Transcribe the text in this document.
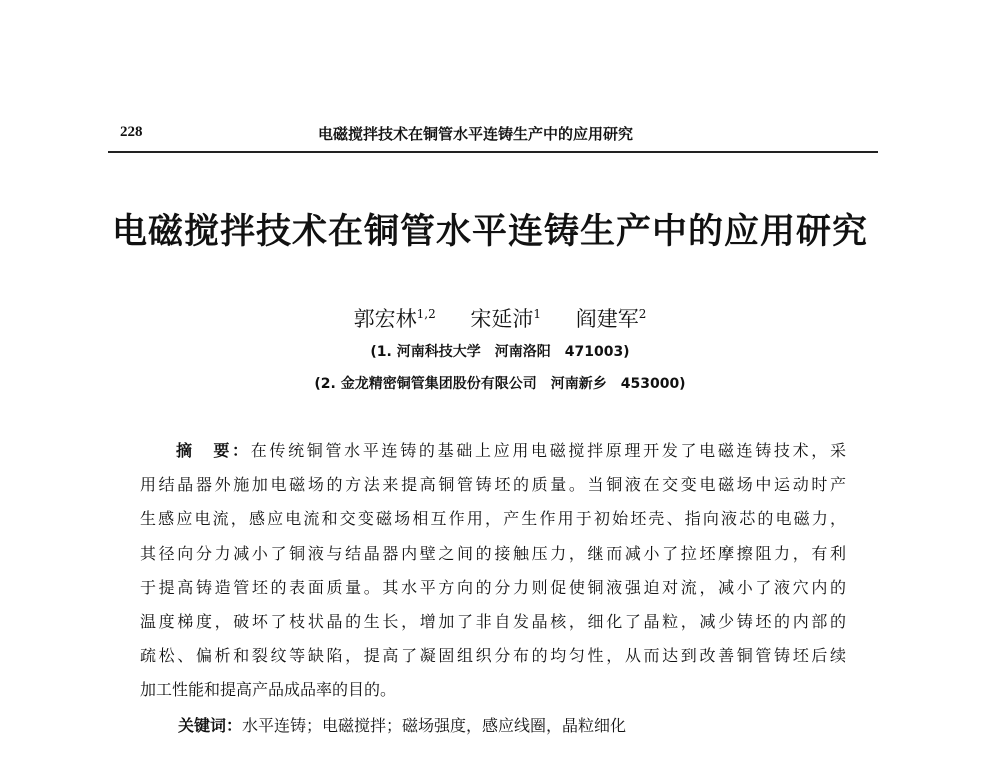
228	电磁搅拌技术在铜管水平连铸生产中的应用研究
电磁搅拌技术在铜管水平连铸生产中的应用研究
郭宏林$^{1,2}$ 宋延沛$^1$ 阎建军$^2$
(1. 河南科技大学　河南洛阳　471003)
(2. 金龙精密铜管集团股份有限公司　河南新乡　453000)
摘　要：在传统铜管水平连铸的基础上应用电磁搅拌原理开发了电磁连铸技术，采
用结晶器外施加电磁场的方法来提高铜管铸坯的质量。当铜液在交变电磁场中运动时产
生感应电流，感应电流和交变磁场相互作用，产生作用于初始坯壳、指向液芯的电磁力，
其径向分力减小了铜液与结晶器内壁之间的接触压力，继而减小了拉坯摩擦阻力，有利
于提高铸造管坯的表面质量。其水平方向的分力则促使铜液强迫对流，减小了液穴内的
温度梯度，破坏了枝状晶的生长，增加了非自发晶核，细化了晶粒，减少铸坯的内部的
疏松、偏析和裂纹等缺陷，提高了凝固组织分布的均匀性，从而达到改善铜管铸坯后续
加工性能和提高产品成品率的目的。
关键词：水平连铸；电磁搅拌；磁场强度，感应线圈，晶粒细化
